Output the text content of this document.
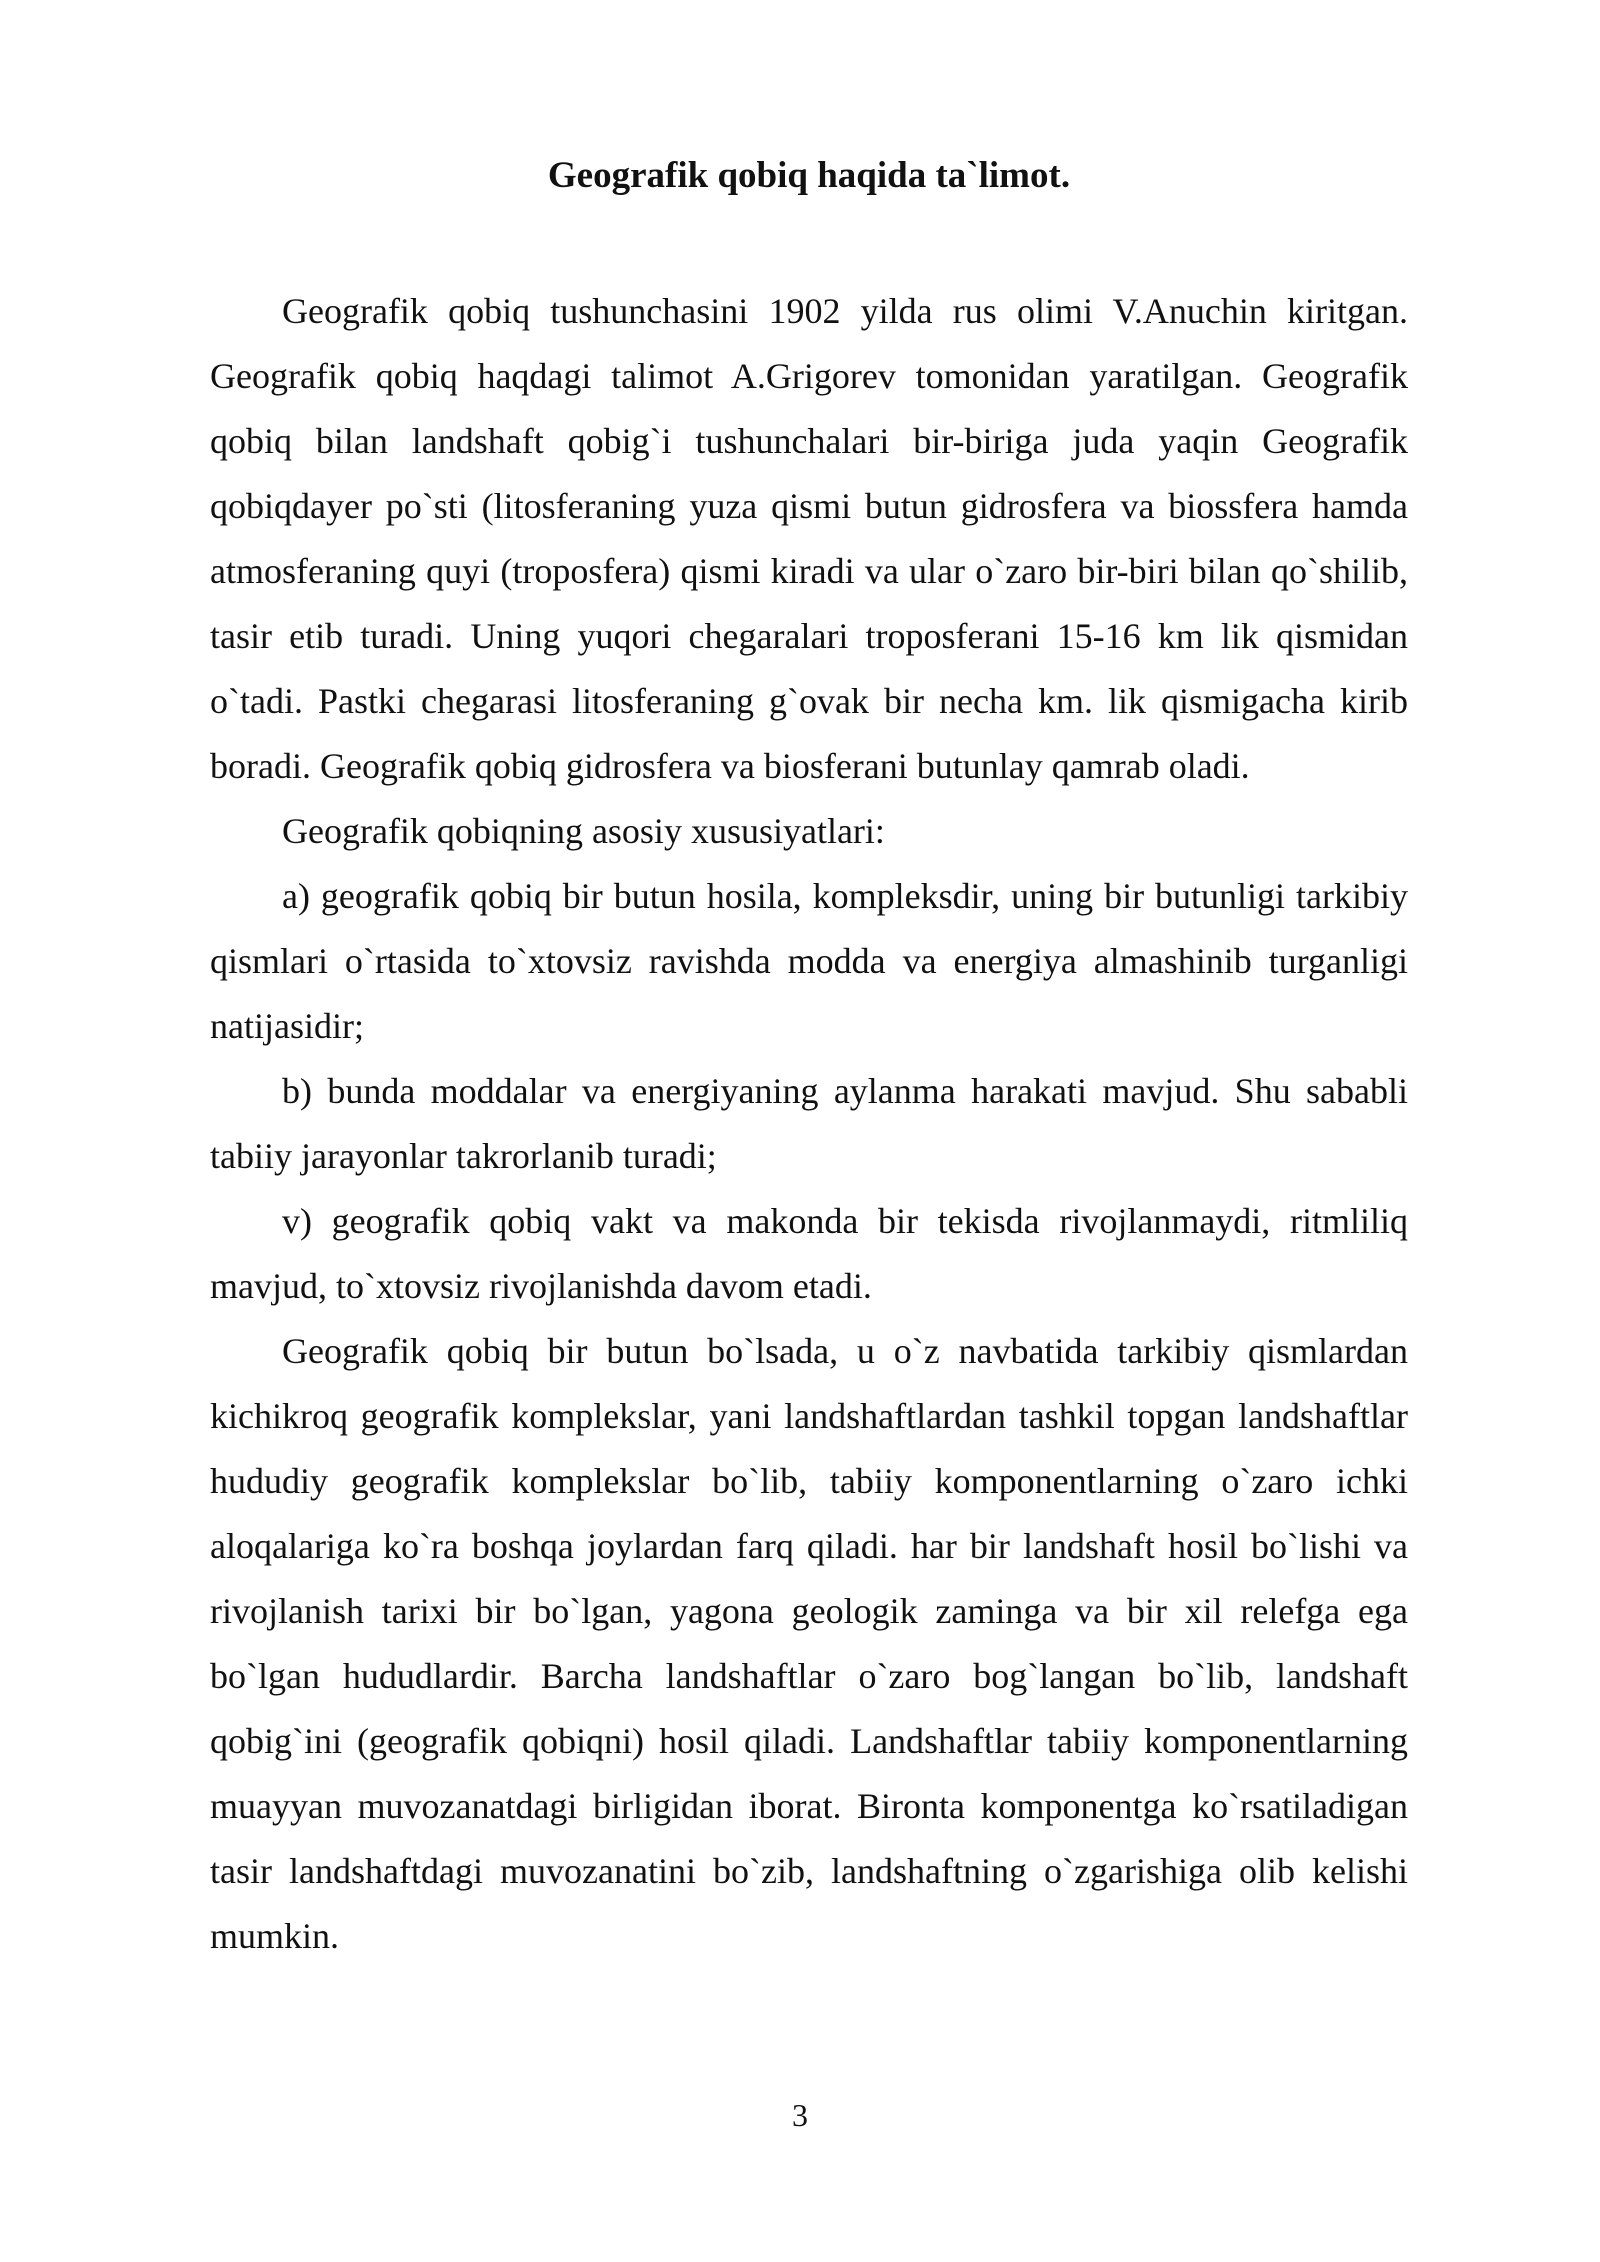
Geografik qobiq haqida ta`limot.

Geografik qobiq tushunchasini 1902 yilda rus olimi V.Anuchin kiritgan. Geografik qobiq haqdagi talimot A.Grigorev tomonidan yaratilgan. Geografik qobiq bilan landshaft qobig`i tushunchalari bir-biriga juda yaqin Geografik qobiqdayer po`sti (litosferaning yuza qismi butun gidrosfera va biossfera hamda atmosferaning quyi (troposfera) qismi kiradi va ular o`zaro bir-biri bilan qo`shilib, tasir etib turadi. Uning yuqori chegaralari troposferani 15-16 km lik qismidan o`tadi. Pastki chegarasi litosferaning g`ovak bir necha km. lik qismigacha kirib boradi. Geografik qobiq gidrosfera va biosferani butunlay qamrab oladi.

Geografik qobiqning asosiy xususiyatlari:

a) geografik qobiq bir butun hosila, kompleksdir, uning bir butunligi tarkibiy qismlari o`rtasida to`xtovsiz ravishda modda va energiya almashinib turganligi natijasidir;

b) bunda moddalar va energiyaning aylanma harakati mavjud. Shu sababli tabiiy jarayonlar takrorlanib turadi;

v) geografik qobiq vakt va makonda bir tekisda rivojlanmaydi, ritmliliq mavjud, to`xtovsiz rivojlanishda davom etadi.

Geografik qobiq bir butun bo`lsada, u o`z navbatida tarkibiy qismlardan kichikroq geografik komplekslar, yani landshaftlardan tashkil topgan landshaftlar hududiy geografik komplekslar bo`lib, tabiiy komponentlarning o`zaro ichki aloqalariga ko`ra boshqa joylardan farq qiladi. har bir landshaft hosil bo`lishi va rivojlanish tarixi bir bo`lgan, yagona geologik zaminga va bir xil relefga ega bo`lgan hududlardir. Barcha landshaftlar o`zaro bog`langan bo`lib, landshaft qobig`ini (geografik qobiqni) hosil qiladi. Landshaftlar tabiiy komponentlarning muayyan muvozanatdagi birligidan iborat. Bironta komponentga ko`rsatiladigan tasir landshaftdagi muvozanatini bo`zib, landshaftning o`zgarishiga olib kelishi mumkin.

3
